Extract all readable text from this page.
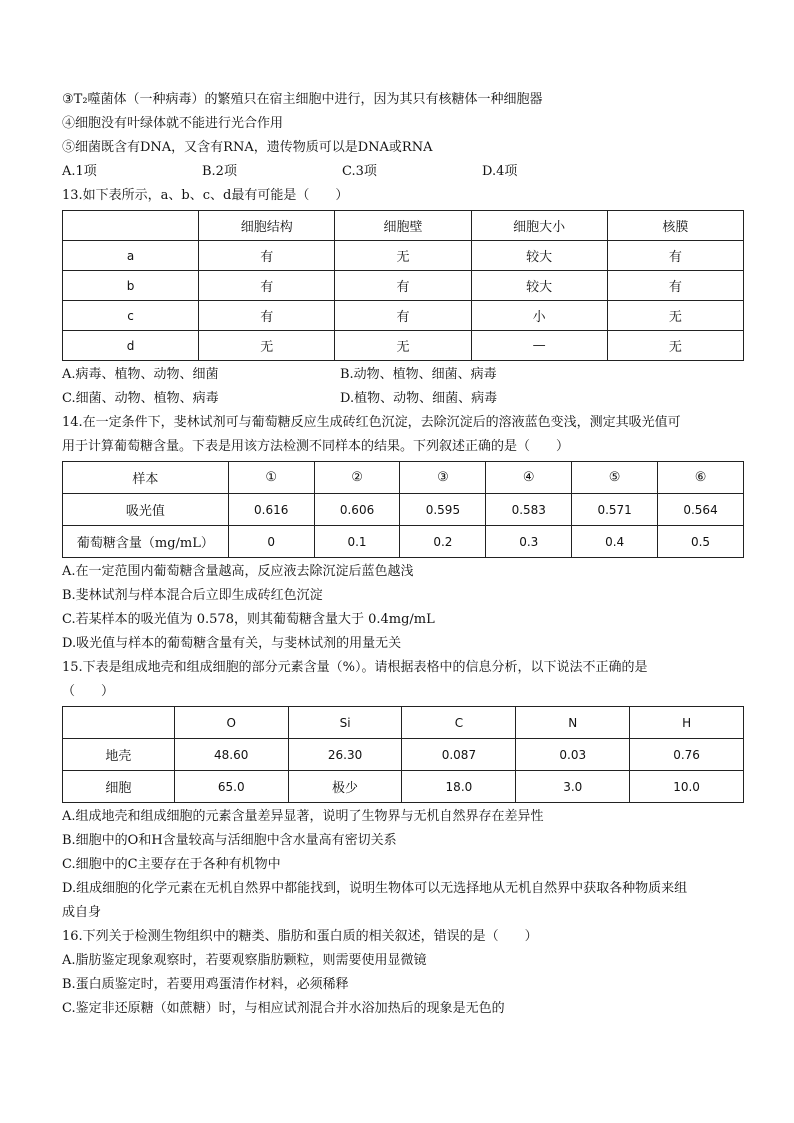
③T₂噬菌体（一种病毒）的繁殖只在宿主细胞中进行，因为其只有核糖体一种细胞器
④细胞没有叶绿体就不能进行光合作用
⑤细菌既含有DNA，又含有RNA，遗传物质可以是DNA或RNA
A.1项	B.2项	C.3项	D.4项
13.如下表所示，a、b、c、d最有可能是（　　）
	细胞结构	细胞壁	细胞大小	核膜
a	有	无	较大	有
b	有	有	较大	有
c	有	有	小	无
d	无	无	—	无
A.病毒、植物、动物、细菌	B.动物、植物、细菌、病毒
C.细菌、动物、植物、病毒	D.植物、动物、细菌、病毒
14.在一定条件下，斐林试剂可与葡萄糖反应生成砖红色沉淀，去除沉淀后的溶液蓝色变浅，测定其吸光值可
用于计算葡萄糖含量。下表是用该方法检测不同样本的结果。下列叙述正确的是（　　）
样本	①	②	③	④	⑤	⑥
吸光值	0.616	0.606	0.595	0.583	0.571	0.564
葡萄糖含量（mg/mL）	0	0.1	0.2	0.3	0.4	0.5
A.在一定范围内葡萄糖含量越高，反应液去除沉淀后蓝色越浅
B.斐林试剂与样本混合后立即生成砖红色沉淀
C.若某样本的吸光值为 0.578，则其葡萄糖含量大于 0.4mg/mL
D.吸光值与样本的葡萄糖含量有关，与斐林试剂的用量无关
15.下表是组成地壳和组成细胞的部分元素含量（%）。请根据表格中的信息分析，以下说法不正确的是
（　　）
	O	Si	C	N	H
地壳	48.60	26.30	0.087	0.03	0.76
细胞	65.0	极少	18.0	3.0	10.0
A.组成地壳和组成细胞的元素含量差异显著，说明了生物界与无机自然界存在差异性
B.细胞中的O和H含量较高与活细胞中含水量高有密切关系
C.细胞中的C主要存在于各种有机物中
D.组成细胞的化学元素在无机自然界中都能找到，说明生物体可以无选择地从无机自然界中获取各种物质来组
成自身
16.下列关于检测生物组织中的糖类、脂肪和蛋白质的相关叙述，错误的是（　　）
A.脂肪鉴定现象观察时，若要观察脂肪颗粒，则需要使用显微镜
B.蛋白质鉴定时，若要用鸡蛋清作材料，必须稀释
C.鉴定非还原糖（如蔗糖）时，与相应试剂混合并水浴加热后的现象是无色的
